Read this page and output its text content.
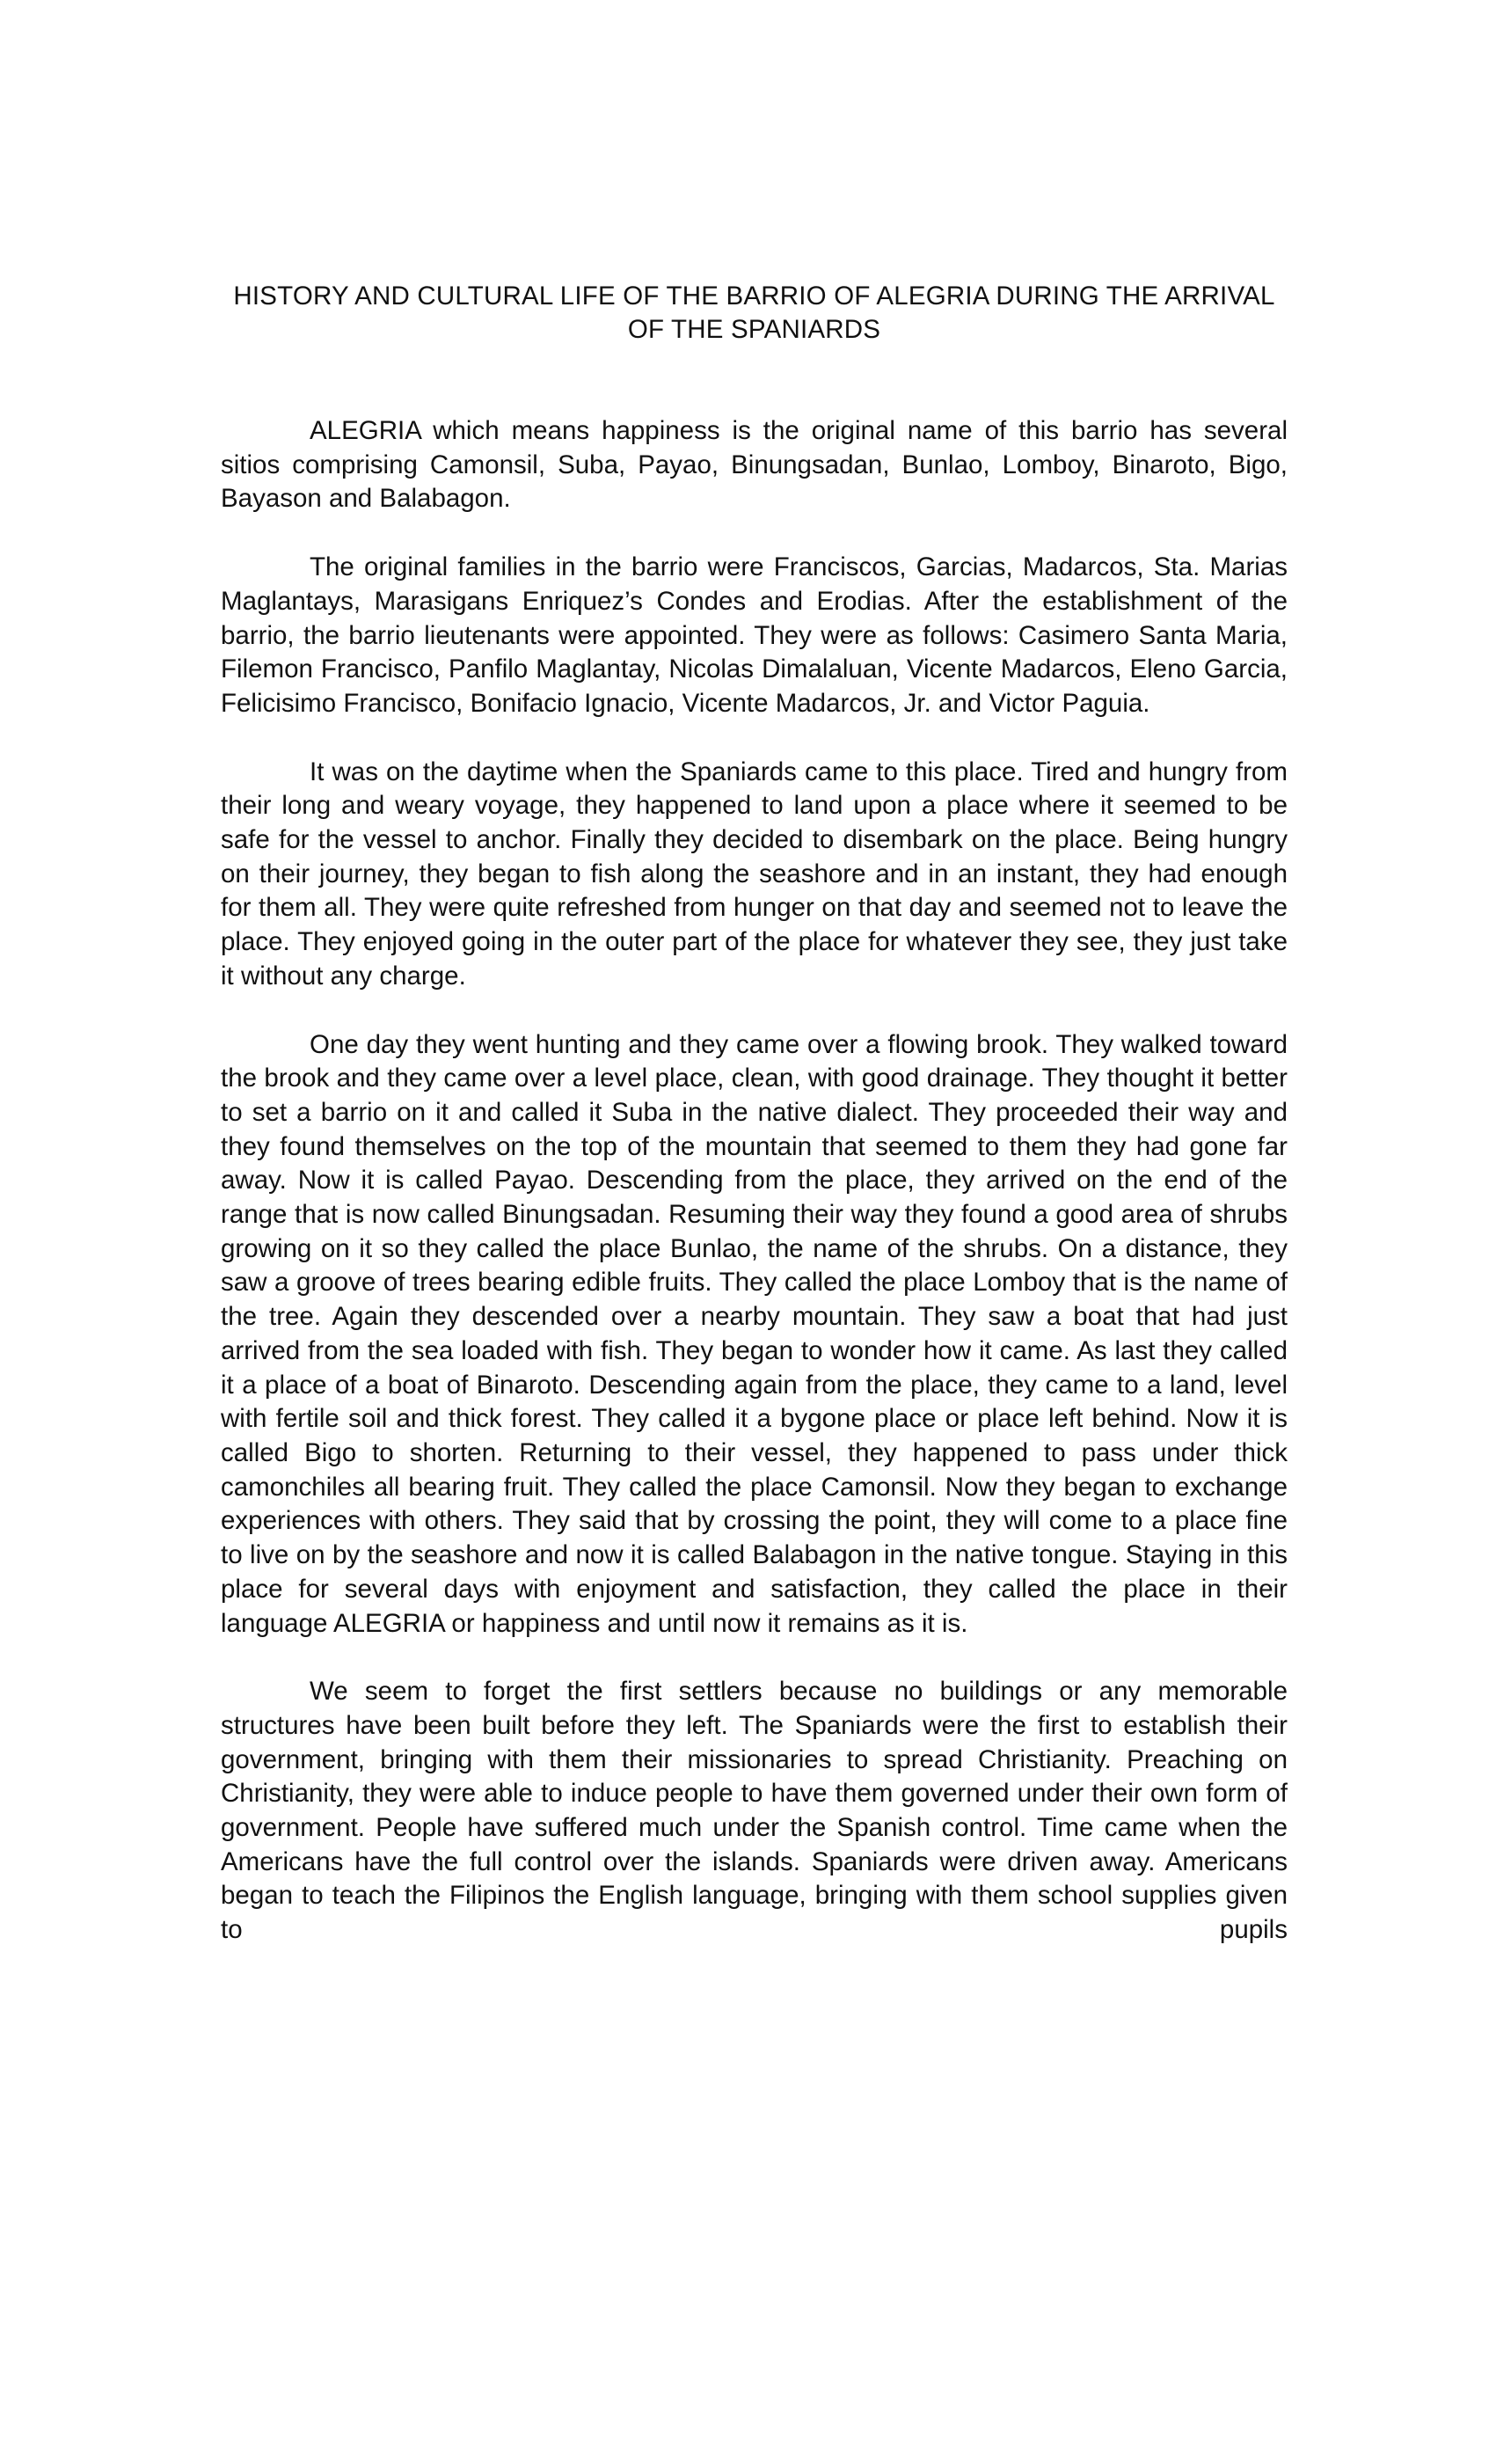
HISTORY AND CULTURAL LIFE OF THE BARRIO OF ALEGRIA DURING THE ARRIVAL OF THE SPANIARDS

ALEGRIA which means happiness is the original name of this barrio has several sitios comprising Camonsil, Suba, Payao, Binungsadan, Bunlao, Lomboy, Binaroto, Bigo, Bayason and Balabagon.

The original families in the barrio were Franciscos, Garcias, Madarcos, Sta. Marias Maglantays, Marasigans Enriquez’s Condes and Erodias. After the establishment of the barrio, the barrio lieutenants were appointed. They were as follows: Casimero Santa Maria, Filemon Francisco, Panfilo Maglantay, Nicolas Dimalaluan, Vicente Madarcos, Eleno Garcia, Felicisimo Francisco, Bonifacio Ignacio, Vicente Madarcos, Jr. and Victor Paguia.

It was on the daytime when the Spaniards came to this place. Tired and hungry from their long and weary voyage, they happened to land upon a place where it seemed to be safe for the vessel to anchor. Finally they decided to disembark on the place. Being hungry on their journey, they began to fish along the seashore and in an instant, they had enough for them all. They were quite refreshed from hunger on that day and seemed not to leave the place. They enjoyed going in the outer part of the place for whatever they see, they just take it without any charge.

One day they went hunting and they came over a flowing brook. They walked toward the brook and they came over a level place, clean, with good drainage. They thought it better to set a barrio on it and called it Suba in the native dialect. They proceeded their way and they found themselves on the top of the mountain that seemed to them they had gone far away. Now it is called Payao. Descending from the place, they arrived on the end of the range that is now called Binungsadan. Resuming their way they found a good area of shrubs growing on it so they called the place Bunlao, the name of the shrubs. On a distance, they saw a groove of trees bearing edible fruits. They called the place Lomboy that is the name of the tree. Again they descended over a nearby mountain. They saw a boat that had just arrived from the sea loaded with fish. They began to wonder how it came. As last they called it a place of a boat of Binaroto. Descending again from the place, they came to a land, level with fertile soil and thick forest. They called it a bygone place or place left behind. Now it is called Bigo to shorten. Returning to their vessel, they happened to pass under thick camonchiles all bearing fruit. They called the place Camonsil. Now they began to exchange experiences with others. They said that by crossing the point, they will come to a place fine to live on by the seashore and now it is called Balabagon in the native tongue. Staying in this place for several days with enjoyment and satisfaction, they called the place in their language ALEGRIA or happiness and until now it remains as it is.

We seem to forget the first settlers because no buildings or any memorable structures have been built before they left. The Spaniards were the first to establish their government, bringing with them their missionaries to spread Christianity. Preaching on Christianity, they were able to induce people to have them governed under their own form of government. People have suffered much under the Spanish control. Time came when the Americans have the full control over the islands. Spaniards were driven away. Americans began to teach the Filipinos the English language, bringing with them school supplies given to pupils
